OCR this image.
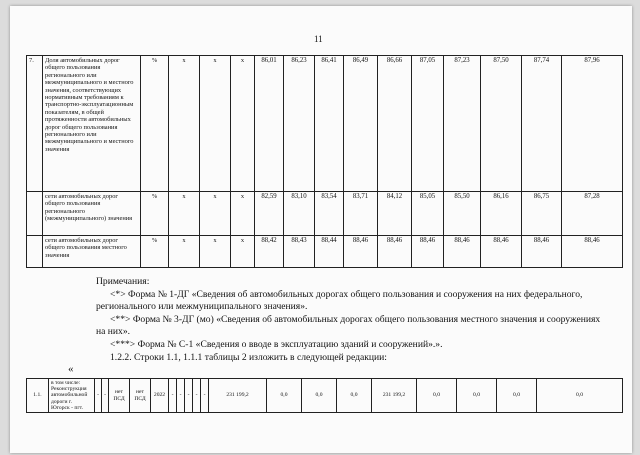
11
7.	Доля автомобильных дорог общего пользования регионального или межмуниципального и местного значения, соответствующих нормативным требованиям к транспортно-эксплуатационным показателям, в общей протяженности автомобильных дорог общего пользования регионального или межмуниципального и местного значения	%	x	x	x	86,01	86,23	86,41	86,49	86,66	87,05	87,23	87,50	87,74	87,96
	сети автомобильных дорог общего пользования регионального (межмуниципального) значения	%	x	x	x	82,59	83,10	83,54	83,71	84,12	85,05	85,50	86,16	86,75	87,28
	сети автомобильных дорог общего пользования местного значения	%	x	x	x	88,42	88,43	88,44	88,46	88,46	88,46	88,46	88,46	88,46	88,46

Примечания:

<*> Форма № 1-ДГ «Сведения об автомобильных дорогах общего пользования и сооружения на них федерального, регионального или межмуниципального значения».

<**> Форма № 3-ДГ (мо) «Сведения об автомобильных дорогах общего пользования местного значения и сооружениях на них».

<***> Форма № С-1 «Сведения о вводе в эксплуатацию зданий и сооружений».».

1.2.2. Строки 1.1, 1.1.1 таблицы 2 изложить в следующей редакции:

«
1.1.	в том числе: Реконструкция автомобильной дороги г. Югорск - пгт.	-	-	нет ПСД	нет ПСД	2022	-	-	-	-	-	231 199,2	0,0	0,0	0,0	231 199,2	0,0	0,0	0,0	0,0
